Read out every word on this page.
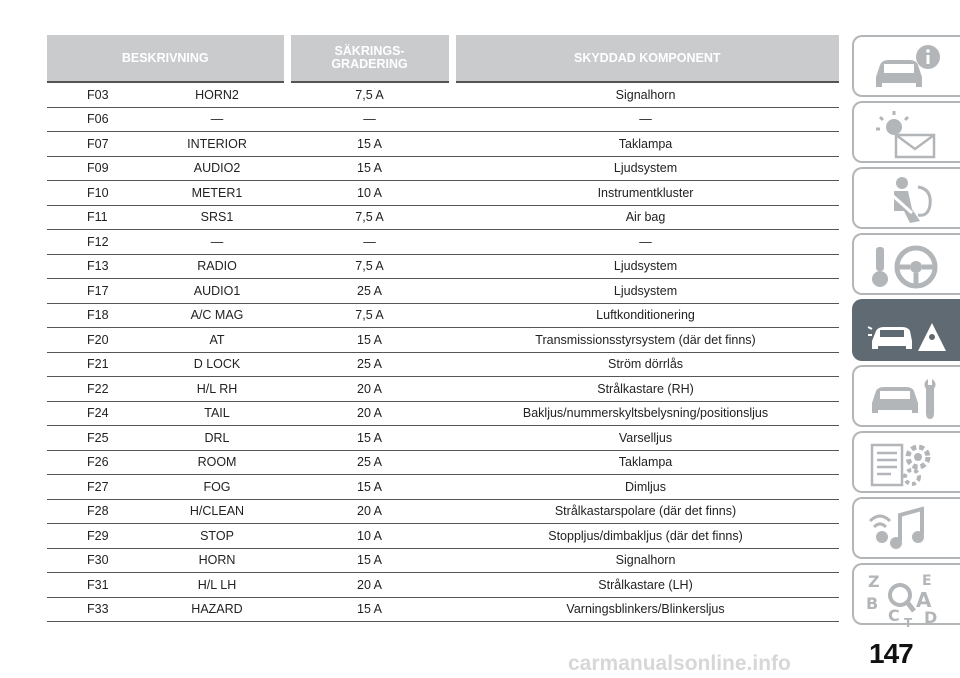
BESKRIVNING		SÄKRINGS-
GRADERING	SKYDDAD KOMPONENT
F03	HORN2	7,5 A	Signalhorn
F06	—	—	—
F07	INTERIOR	15 A	Taklampa
F09	AUDIO2	15 A	Ljudsystem
F10	METER1	10 A	Instrumentkluster
F11	SRS1	7,5 A	Air bag
F12	—	—	—
F13	RADIO	7,5 A	Ljudsystem
F17	AUDIO1	25 A	Ljudsystem
F18	A/C MAG	7,5 A	Luftkonditionering
F20	AT	15 A	Transmissionsstyrsystem (där det finns)
F21	D LOCK	25 A	Ström dörrlås
F22	H/L RH	20 A	Strålkastare (RH)
F24	TAIL	20 A	Bakljus/nummerskyltsbelysning/positionsljus
F25	DRL	15 A	Varselljus
F26	ROOM	25 A	Taklampa
F27	FOG	15 A	Dimljus
F28	H/CLEAN	20 A	Strålkastarspolare (där det finns)
F29	STOP	10 A	Stoppljus/dimbakljus (där det finns)
F30	HORN	15 A	Signalhorn
F31	H/L LH	20 A	Strålkastare (LH)
F33	HAZARD	15 A	Varningsblinkers/Blinkersljus
Z	E
B A
C D
T
147
carmanualsonline.info
